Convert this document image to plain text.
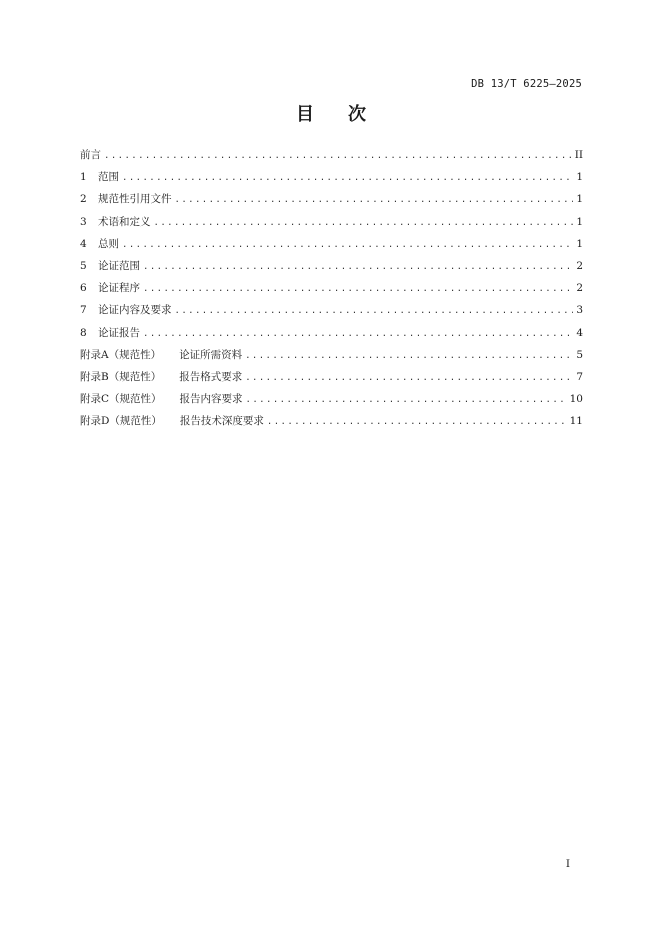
DB 13/T 6225—2025
目次
前言 .....	II
1	范围 .....	1
2	规范性引用文件 .....	1
3	术语和定义 .....	1
4	总则 .....	1
5	论证范围 .....	2
6	论证程序 .....	2
7	论证内容及要求 .....	3
8	论证报告 .....	4
附录A（规范性） 论证所需资料 .....	5
附录B（规范性） 报告格式要求 .....	7
附录C（规范性） 报告内容要求 .....	10
附录D（规范性） 报告技术深度要求 .....	11
I
